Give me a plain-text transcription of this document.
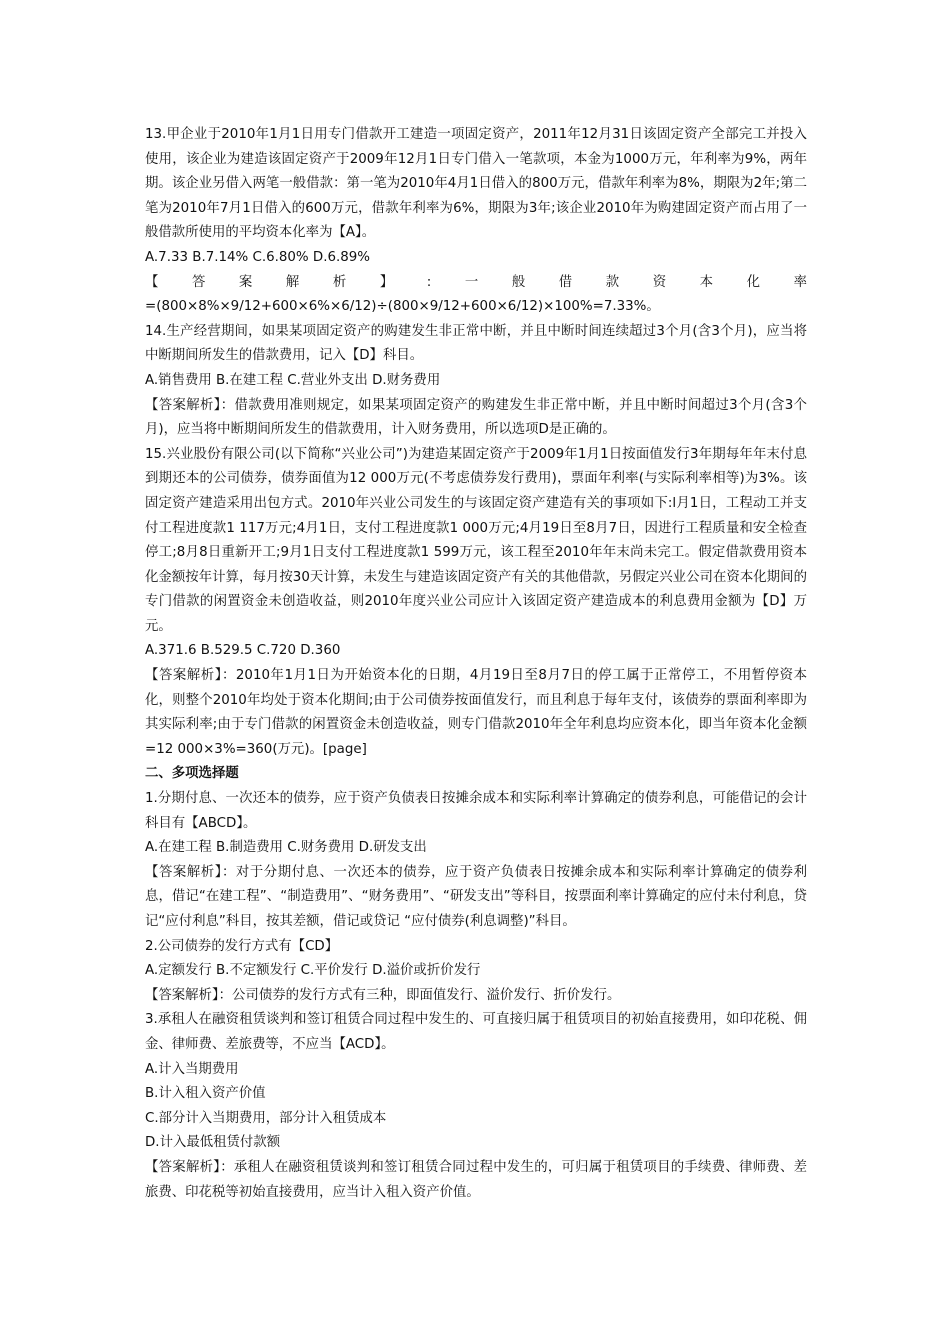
13.甲企业于2010年1月1日用专门借款开工建造一项固定资产，2011年12月31日该固定资产全部完工并投入使用，该企业为建造该固定资产于2009年12月1日专门借入一笔款项，本金为1000万元，年利率为9%，两年期。该企业另借入两笔一般借款：第一笔为2010年4月1日借入的800万元，借款年利率为8%，期限为2年;第二笔为2010年7月1日借入的600万元，借款年利率为6%，期限为3年;该企业2010年为购建固定资产而占用了一般借款所使用的平均资本化率为【A】。

A.7.33 B.7.14% C.6.80% D.6.89%

【答案解析】:一般借款资本化率

=(800×8%×9/12+600×6%×6/12)÷(800×9/12+600×6/12)×100%=7.33%。

14.生产经营期间，如果某项固定资产的购建发生非正常中断，并且中断时间连续超过3个月(含3个月)，应当将中断期间所发生的借款费用，记入【D】科目。

A.销售费用 B.在建工程 C.营业外支出 D.财务费用

【答案解析】：借款费用准则规定，如果某项固定资产的购建发生非正常中断，并且中断时间超过3个月(含3个月)，应当将中断期间所发生的借款费用，计入财务费用，所以选项D是正确的。

15.兴业股份有限公司(以下简称“兴业公司”)为建造某固定资产于2009年1月1日按面值发行3年期每年年末付息到期还本的公司债券，债券面值为12 000万元(不考虑债券发行费用)，票面年利率(与实际利率相等)为3%。该固定资产建造采用出包方式。2010年兴业公司发生的与该固定资产建造有关的事项如下:l月1日，工程动工并支付工程进度款1 117万元;4月1日，支付工程进度款1 000万元;4月19日至8月7日，因进行工程质量和安全检查停工;8月8日重新开工;9月1日支付工程进度款1 599万元，该工程至2010年年末尚未完工。假定借款费用资本化金额按年计算，每月按30天计算，未发生与建造该固定资产有关的其他借款，另假定兴业公司在资本化期间的专门借款的闲置资金未创造收益，则2010年度兴业公司应计入该固定资产建造成本的利息费用金额为【D】万元。

A.371.6 B.529.5 C.720 D.360

【答案解析】：2010年1月1日为开始资本化的日期，4月19日至8月7日的停工属于正常停工，不用暂停资本化，则整个2010年均处于资本化期间;由于公司债券按面值发行，而且利息于每年支付，该债券的票面利率即为其实际利率;由于专门借款的闲置资金未创造收益，则专门借款2010年全年利息均应资本化，即当年资本化金额=12 000×3%=360(万元)。[page]

二、多项选择题

1.分期付息、一次还本的债券，应于资产负债表日按摊余成本和实际利率计算确定的债券利息，可能借记的会计科目有【ABCD】。

A.在建工程 B.制造费用 C.财务费用 D.研发支出

【答案解析】：对于分期付息、一次还本的债券，应于资产负债表日按摊余成本和实际利率计算确定的债券利息，借记“在建工程”、“制造费用”、“财务费用”、“研发支出”等科目，按票面利率计算确定的应付未付利息，贷记“应付利息”科目，按其差额，借记或贷记 “应付债券(利息调整)”科目。

2.公司债券的发行方式有【CD】

A.定额发行 B.不定额发行 C.平价发行 D.溢价或折价发行

【答案解析】：公司债券的发行方式有三种，即面值发行、溢价发行、折价发行。

3.承租人在融资租赁谈判和签订租赁合同过程中发生的、可直接归属于租赁项目的初始直接费用，如印花税、佣金、律师费、差旅费等，不应当【ACD】。

A.计入当期费用

B.计入租入资产价值

C.部分计入当期费用，部分计入租赁成本

D.计入最低租赁付款额

【答案解析】：承租人在融资租赁谈判和签订租赁合同过程中发生的，可归属于租赁项目的手续费、律师费、差旅费、印花税等初始直接费用，应当计入租入资产价值。
